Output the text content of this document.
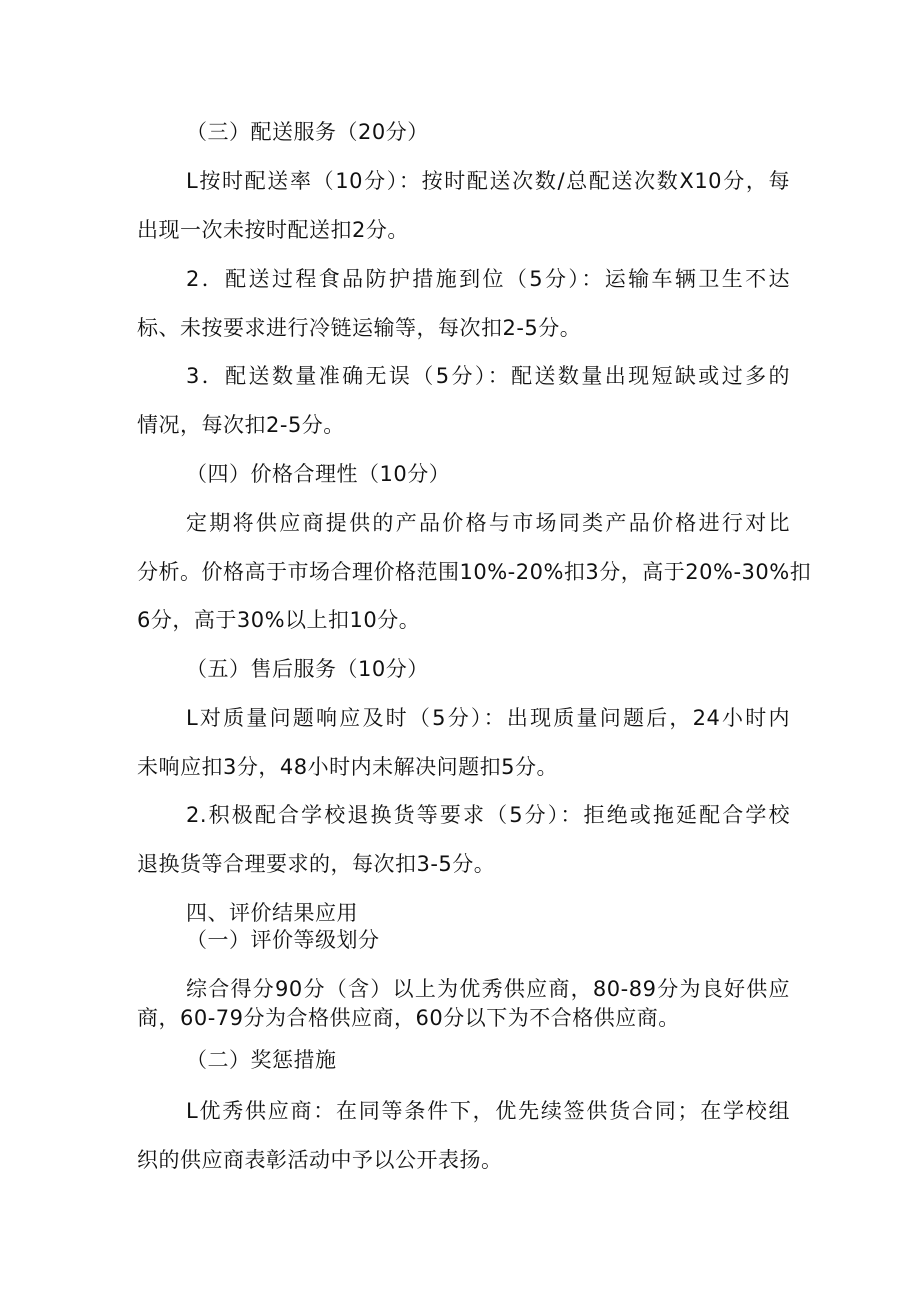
（三）配送服务（20分）
L按时配送率（10分）：按时配送次数/总配送次数X10分，每
出现一次未按时配送扣2分。
2．配送过程食品防护措施到位（5分）：运输车辆卫生不达
标、未按要求进行冷链运输等，每次扣2-5分。
3．配送数量准确无误（5分）：配送数量出现短缺或过多的
情况，每次扣2-5分。
（四）价格合理性（10分）
定期将供应商提供的产品价格与市场同类产品价格进行对比
分析。价格高于市场合理价格范围10%-20%扣3分，高于20%-30%扣
6分，高于30%以上扣10分。
（五）售后服务（10分）
L对质量问题响应及时（5分）：出现质量问题后，24小时内
未响应扣3分，48小时内未解决问题扣5分。
2.积极配合学校退换货等要求（5分）：拒绝或拖延配合学校
退换货等合理要求的，每次扣3-5分。
四、评价结果应用
（一）评价等级划分
综合得分90分（含）以上为优秀供应商，80-89分为良好供应
商，60-79分为合格供应商，60分以下为不合格供应商。
（二）奖惩措施
L优秀供应商：在同等条件下，优先续签供货合同；在学校组
织的供应商表彰活动中予以公开表扬。
